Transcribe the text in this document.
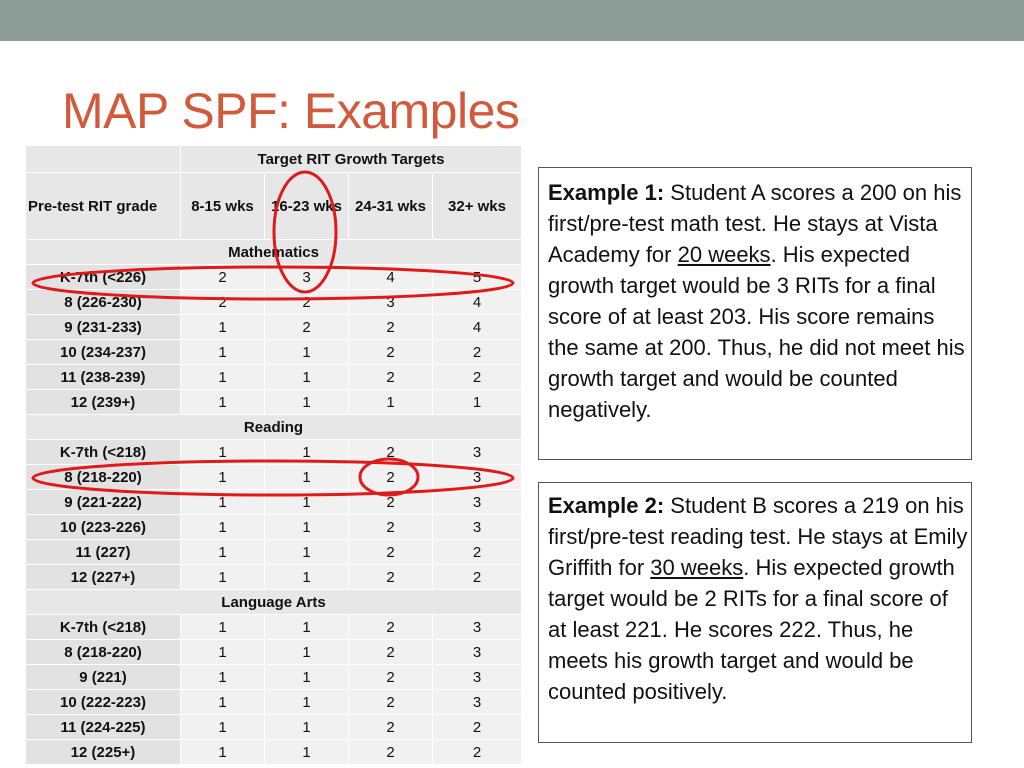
MAP SPF: Examples
	Target RIT Growth Targets			
Pre-test RIT grade	8-15 wks	16-23 wks	24-31 wks	32+ wks
Mathematics				
K-7th (<226)	2	3	4	5
8 (226-230)	2	2	3	4
9 (231-233)	1	2	2	4
10 (234-237)	1	1	2	2
11 (238-239)	1	1	2	2
12 (239+)	1	1	1	1
Reading				
K-7th (<218)	1	1	2	3
8 (218-220)	1	1	2	3
9 (221-222)	1	1	2	3
10 (223-226)	1	1	2	3
11 (227)	1	1	2	2
12 (227+)	1	1	2	2
Language Arts				
K-7th (<218)	1	1	2	3
8 (218-220)	1	1	2	3
9 (221)	1	1	2	3
10 (222-223)	1	1	2	3
11 (224-225)	1	1	2	2
12 (225+)	1	1	2	2
Example 1: Student A scores a 200 on his first/pre-test math test. He stays at Vista Academy for 20 weeks. His expected growth target would be 3 RITs for a final score of at least 203. His score remains the same at 200. Thus, he did not meet his growth target and would be counted negatively.
Example 2: Student B scores a 219 on his first/pre-test reading test. He stays at Emily Griffith for 30 weeks. His expected growth target would be 2 RITs for a final score of at least 221. He scores 222. Thus, he meets his growth target and would be counted positively.
